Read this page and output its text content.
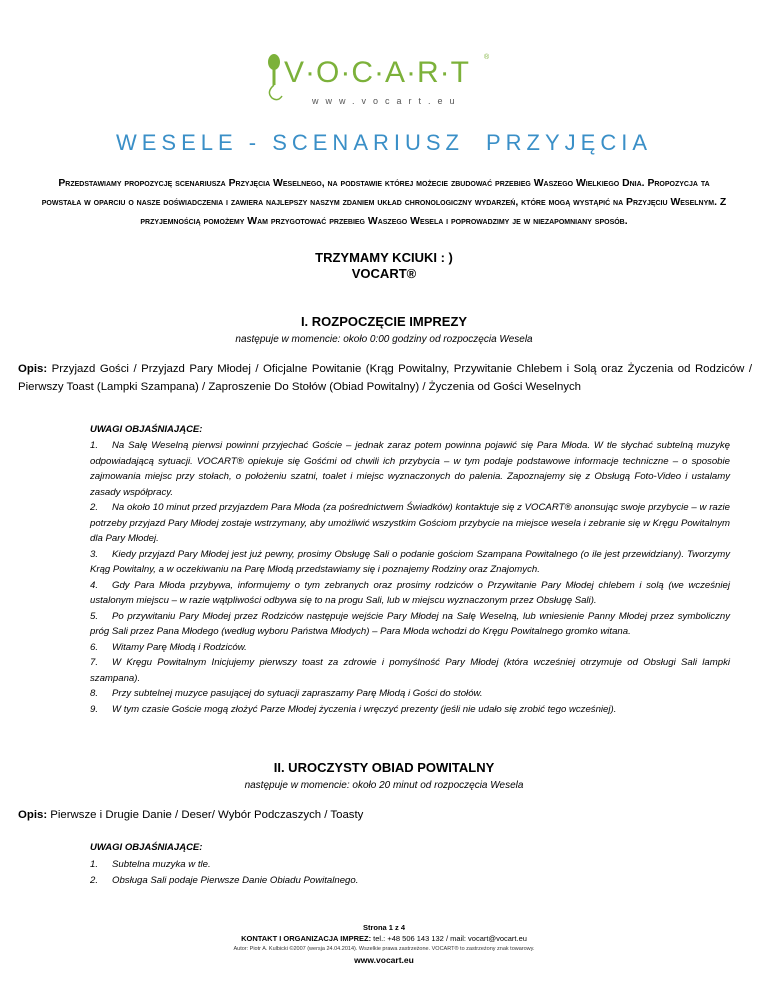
V·O·C·A·R·T ®
www.vocart.eu
WESELE - SCENARIUSZ PRZYJĘCIA
Przedstawiamy propozycję scenariusza Przyjęcia Weselnego, na podstawie której możecie zbudować przebieg Waszego Wielkiego Dnia. Propozycja ta powstała w oparciu o nasze doświadczenia i zawiera najlepszy naszym zdaniem układ chronologiczny wydarzeń, które mogą wystąpić na Przyjęciu Weselnym. Z przyjemnością pomożemy Wam przygotować przebieg Waszego Wesela i poprowadzimy je w niezapomniany sposób.
TRZYMAMY KCIUKI : )
VOCART®
I. ROZPOCZĘCIE IMPREZY
następuje w momencie: około 0:00 godziny od rozpoczęcia Wesela
Opis: Przyjazd Gości / Przyjazd Pary Młodej / Oficjalne Powitanie (Krąg Powitalny, Przywitanie Chlebem i Solą oraz Życzenia od Rodziców / Pierwszy Toast (Lampki Szampana) / Zaproszenie Do Stołów (Obiad Powitalny) / Życzenia od Gości Weselnych
UWAGI OBJAŚNIAJĄCE:

1. Na Salę Weselną pierwsi powinni przyjechać Goście – jednak zaraz potem powinna pojawić się Para Młoda. W tle słychać subtelną muzykę odpowiadającą sytuacji. VOCART® opiekuje się Gośćmi od chwili ich przybycia – w tym podaje podstawowe informacje techniczne – o sposobie zajmowania miejsc przy stołach, o położeniu szatni, toalet i miejsc wyznaczonych do palenia. Zapoznajemy się z Obsługą Foto-Video i ustalamy zasady współpracy.

2. Na około 10 minut przed przyjazdem Para Młoda (za pośrednictwem Świadków) kontaktuje się z VOCART® anonsując swoje przybycie – w razie potrzeby przyjazd Pary Młodej zostaje wstrzymany, aby umożliwić wszystkim Gościom przybycie na miejsce wesela i zebranie się w Kręgu Powitalnym dla Pary Młodej.

3. Kiedy przyjazd Pary Młodej jest już pewny, prosimy Obsługę Sali o podanie gościom Szampana Powitalnego (o ile jest przewidziany). Tworzymy Krąg Powitalny, a w oczekiwaniu na Parę Młodą przedstawiamy się i poznajemy Rodziny oraz Znajomych.

4. Gdy Para Młoda przybywa, informujemy o tym zebranych oraz prosimy rodziców o Przywitanie Pary Młodej chlebem i solą (we wcześniej ustalonym miejscu – w razie wątpliwości odbywa się to na progu Sali, lub w miejscu wyznaczonym przez Obsługę Sali).

5. Po przywitaniu Pary Młodej przez Rodziców następuje wejście Pary Młodej na Salę Weselną, lub wniesienie Panny Młodej przez symboliczny próg Sali przez Pana Młodego (według wyboru Państwa Młodych) – Para Młoda wchodzi do Kręgu Powitalnego gromko witana.

6. Witamy Parę Młodą i Rodziców.

7. W Kręgu Powitalnym Inicjujemy pierwszy toast za zdrowie i pomyślność Pary Młodej (która wcześniej otrzymuje od Obsługi Sali lampki szampana).

8. Przy subtelnej muzyce pasującej do sytuacji zapraszamy Parę Młodą i Gości do stołów.

9. W tym czasie Goście mogą złożyć Parze Młodej życzenia i wręczyć prezenty (jeśli nie udało się zrobić tego wcześniej).

II. UROCZYSTY OBIAD POWITALNY
następuje w momencie: około 20 minut od rozpoczęcia Wesela
Opis: Pierwsze i Drugie Danie / Deser/ Wybór Podczaszych / Toasty
UWAGI OBJAŚNIAJĄCE:

1. Subtelna muzyka w tle.

2. Obsługa Sali podaje Pierwsze Danie Obiadu Powitalnego.

Strona 1 z 4
KONTAKT I ORGANIZACJA IMPREZ: tel.: +48 506 143 132 / mail: vocart@vocart.eu
Autor: Piotr A. Kulbicki ©2007 (wersja 24.04.2014). Wszelkie prawa zastrzeżone. VOCART® to zastrzeżony znak towarowy.
www.vocart.eu
